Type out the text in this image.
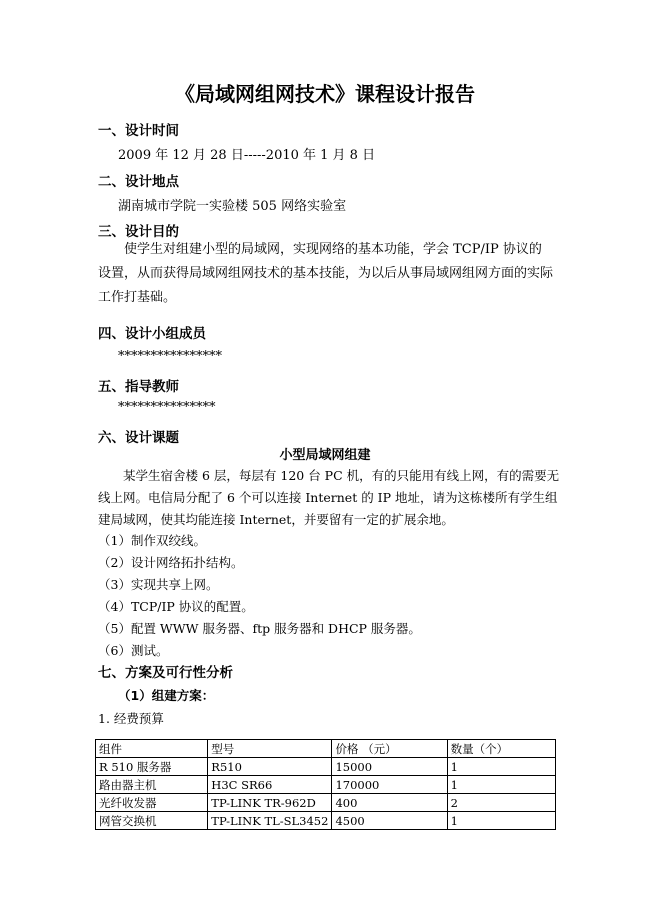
《局域网组网技术》课程设计报告
一、设计时间
2009 年 12 月 28 日-----2010 年 1 月 8 日
二、设计地点
湖南城市学院一实验楼 505 网络实验室
三、设计目的

使学生对组建小型的局域网，实现网络的基本功能，学会 TCP/IP 协议的设置，从而获得局域网组网技术的基本技能，为以后从事局域网组网方面的实际工作打基础。

四、设计小组成员
****************
五、指导教师
***************
六、设计课题
小型局域网组建

某学生宿舍楼 6 层，每层有 120 台 PC 机，有的只能用有线上网，有的需要无线上网。电信局分配了 6 个可以连接 Internet 的 IP 地址，请为这栋楼所有学生组建局域网，使其均能连接 Internet，并要留有一定的扩展余地。

（1）制作双绞线。
（2）设计网络拓扑结构。
（3）实现共享上网。
（4）TCP/IP 协议的配置。
（5）配置 WWW 服务器、ftp 服务器和 DHCP 服务器。
（6）测试。
七、方案及可行性分析
（1）组建方案：
1. 经费预算
组件	型号	价格 （元）	数量（个）
R 510 服务器	R510	15000	1
路由器主机	H3C SR66	170000	1
光纤收发器	TP-LINK TR-962D	400	2
网管交换机	TP-LINK TL-SL3452	4500	1
